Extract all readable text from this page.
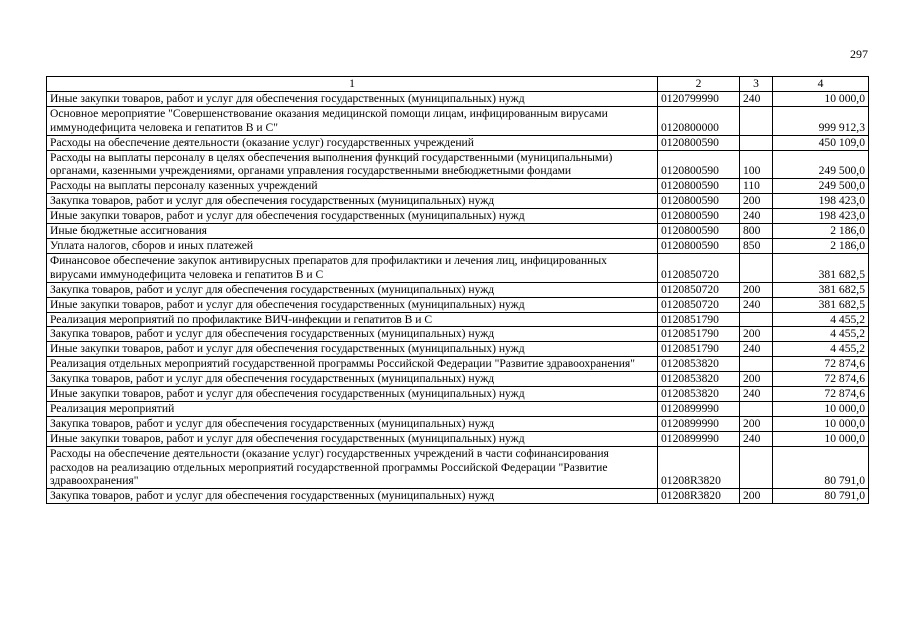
297
1	2	3	4
Иные закупки товаров, работ и услуг для обеспечения государственных (муниципальных) нужд	0120799990	240	10 000,0
Основное мероприятие "Совершенствование оказания медицинской помощи лицам, инфицированным вирусами иммунодефицита человека и гепатитов В и С"	0120800000		999 912,3
Расходы на обеспечение деятельности (оказание услуг) государственных учреждений	0120800590		450 109,0
Расходы на выплаты персоналу в целях обеспечения выполнения функций государственными (муниципальными) органами, казенными учреждениями, органами управления государственными внебюджетными фондами	0120800590	100	249 500,0
Расходы на выплаты персоналу казенных учреждений	0120800590	110	249 500,0
Закупка товаров, работ и услуг для обеспечения государственных (муниципальных) нужд	0120800590	200	198 423,0
Иные закупки товаров, работ и услуг для обеспечения государственных (муниципальных) нужд	0120800590	240	198 423,0
Иные бюджетные ассигнования	0120800590	800	2 186,0
Уплата налогов, сборов и иных платежей	0120800590	850	2 186,0
Финансовое обеспечение закупок антивирусных препаратов для профилактики и лечения лиц, инфицированных вирусами иммунодефицита человека и гепатитов В и С	0120850720		381 682,5
Закупка товаров, работ и услуг для обеспечения государственных (муниципальных) нужд	0120850720	200	381 682,5
Иные закупки товаров, работ и услуг для обеспечения государственных (муниципальных) нужд	0120850720	240	381 682,5
Реализация мероприятий по профилактике ВИЧ-инфекции и гепатитов В и С	0120851790		4 455,2
Закупка товаров, работ и услуг для обеспечения государственных (муниципальных) нужд	0120851790	200	4 455,2
Иные закупки товаров, работ и услуг для обеспечения государственных (муниципальных) нужд	0120851790	240	4 455,2
Реализация отдельных мероприятий государственной программы Российской Федерации "Развитие здравоохранения"	0120853820		72 874,6
Закупка товаров, работ и услуг для обеспечения государственных (муниципальных) нужд	0120853820	200	72 874,6
Иные закупки товаров, работ и услуг для обеспечения государственных (муниципальных) нужд	0120853820	240	72 874,6
Реализация мероприятий	0120899990		10 000,0
Закупка товаров, работ и услуг для обеспечения государственных (муниципальных) нужд	0120899990	200	10 000,0
Иные закупки товаров, работ и услуг для обеспечения государственных (муниципальных) нужд	0120899990	240	10 000,0
Расходы на обеспечение деятельности (оказание услуг) государственных учреждений в части софинансирования расходов на реализацию отдельных мероприятий государственной программы Российской Федерации "Развитие здравоохранения"	01208R3820		80 791,0
Закупка товаров, работ и услуг для обеспечения государственных (муниципальных) нужд	01208R3820	200	80 791,0
